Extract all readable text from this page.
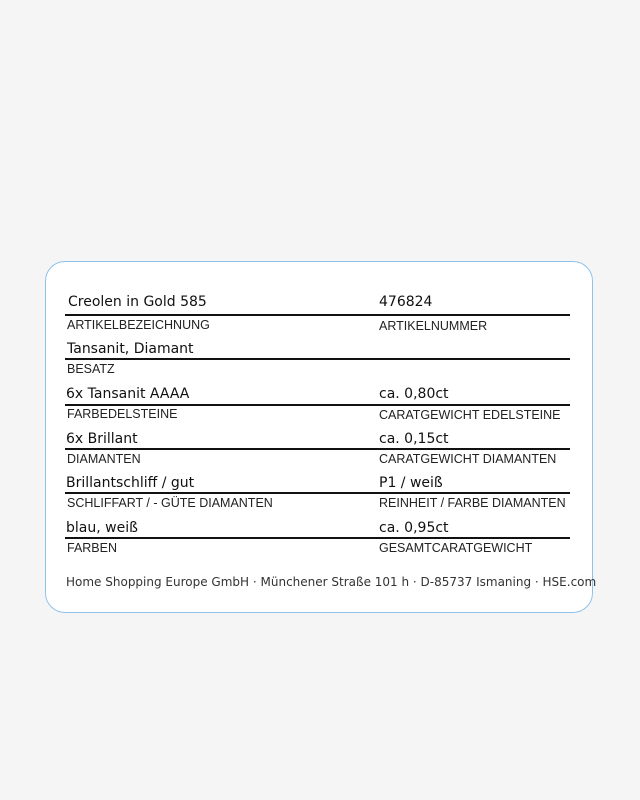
Creolen in Gold 585	476824
ARTIKELBEZEICHNUNG	ARTIKELNUMMER
Tansanit, Diamant
BESATZ
6x Tansanit AAAA	ca. 0,80ct
FARBEDELSTEINE	CARATGEWICHT EDELSTEINE
6x Brillant	ca. 0,15ct
DIAMANTEN	CARATGEWICHT DIAMANTEN
Brillantschliff / gut	P1 / weiß
SCHLIFFART / - GÜTE DIAMANTEN	REINHEIT / FARBE DIAMANTEN
blau, weiß	ca. 0,95ct
FARBEN	GESAMTCARATGEWICHT
Home Shopping Europe GmbH · Münchener Straße 101 h · D-85737 Ismaning · HSE.com
